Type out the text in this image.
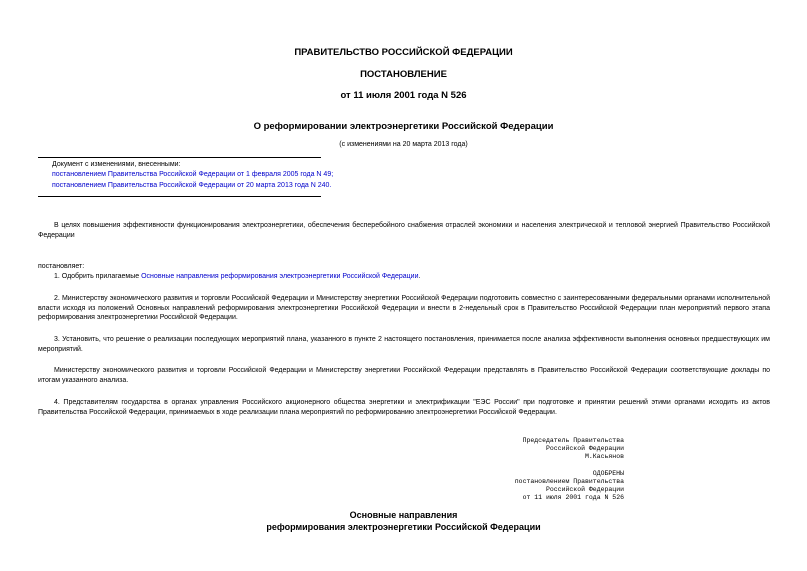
ПРАВИТЕЛЬСТВО РОССИЙСКОЙ ФЕДЕРАЦИИ
ПОСТАНОВЛЕНИЕ
от 11 июля 2001 года N 526
О реформировании электроэнергетики Российской Федерации
(с изменениями на 20 марта 2013 года)
Документ с изменениями, внесенными:
постановлением Правительства Российской Федерации от 1 февраля 2005 года N 49;
постановлением Правительства Российской Федерации от 20 марта 2013 года N 240.
В целях повышения эффективности функционирования электроэнергетики, обеспечения бесперебойного снабжения отраслей экономики и населения электрической и тепловой энергией Правительство Российской Федерации
постановляет:
1. Одобрить прилагаемые Основные направления реформирования электроэнергетики Российской Федерации.
2. Министерству экономического развития и торговли Российской Федерации и Министерству энергетики Российской Федерации подготовить совместно с заинтересованными федеральными органами исполнительной власти исходя из положений Основных направлений реформирования электроэнергетики Российской Федерации и внести в 2-недельный срок в Правительство Российской Федерации план мероприятий первого этапа реформирования электроэнергетики Российской Федерации.
3. Установить, что решение о реализации последующих мероприятий плана, указанного в пункте 2 настоящего постановления, принимается после анализа эффективности выполнения основных предшествующих им мероприятий.
Министерству экономического развития и торговли Российской Федерации и Министерству энергетики Российской Федерации представлять в Правительство Российской Федерации соответствующие доклады по итогам указанного анализа.
4. Представителям государства в органах управления Российского акционерного общества энергетики и электрификации "ЕЭС России" при подготовке и принятии решений этими органами исходить из актов Правительства Российской Федерации, принимаемых в ходе реализации плана мероприятий по реформированию электроэнергетики Российской Федерации.
Председатель Правительства
Российской Федерации
М.Касьянов
ОДОБРЕНЫ
постановлением Правительства
Российской Федерации
от 11 июля 2001 года N 526
Основные направления
реформирования электроэнергетики Российской Федерации
